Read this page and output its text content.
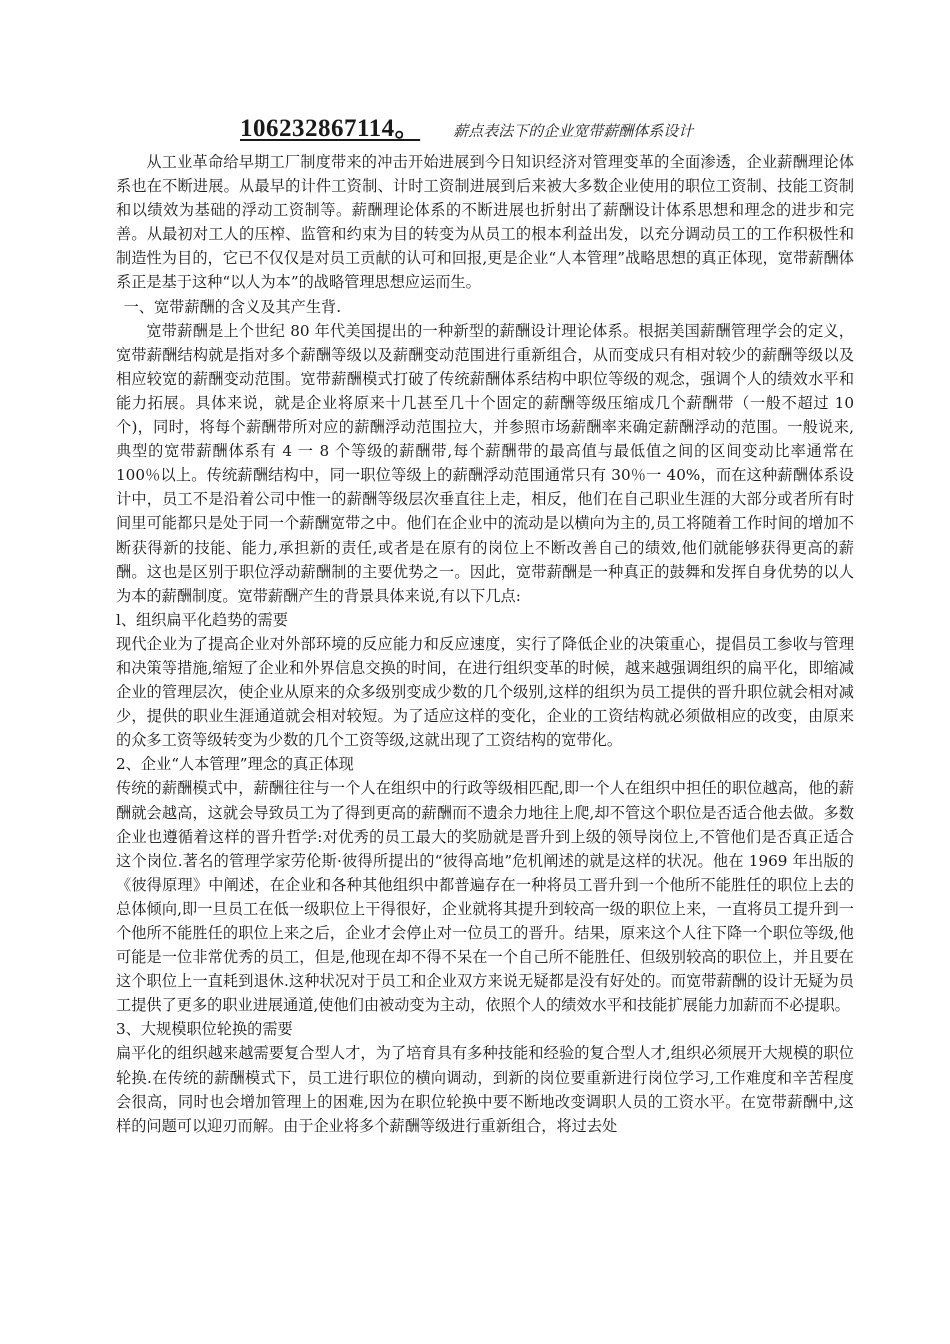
106232867114。 薪点表法下的企业宽带薪酬体系设计

从工业革命给早期工厂制度带来的冲击开始进展到今日知识经济对管理变革的全面渗透，企业薪酬理论体系也在不断进展。从最早的计件工资制、计时工资制进展到后来被大多数企业使用的职位工资制、技能工资制和以绩效为基础的浮动工资制等。薪酬理论体系的不断进展也折射出了薪酬设计体系思想和理念的进步和完善。从最初对工人的压榨、监管和约束为目的转变为从员工的根本利益出发，以充分调动员工的工作积极性和制造性为目的，它已不仅仅是对员工贡献的认可和回报,更是企业“人本管理”战略思想的真正体现，宽带薪酬体系正是基于这种“以人为本”的战略管理思想应运而生。

一、宽带薪酬的含义及其产生背.

宽带薪酬是上个世纪 80 年代美国提出的一种新型的薪酬设计理论体系。根据美国薪酬管理学会的定义，宽带薪酬结构就是指对多个薪酬等级以及薪酬变动范围进行重新组合，从而变成只有相对较少的薪酬等级以及相应较宽的薪酬变动范围。宽带薪酬模式打破了传统薪酬体系结构中职位等级的观念，强调个人的绩效水平和能力拓展。具体来说，就是企业将原来十几甚至几十个固定的薪酬等级压缩成几个薪酬带（一般不超过 10 个)，同时，将每个薪酬带所对应的薪酬浮动范围拉大，并参照市场薪酬率来确定薪酬浮动的范围。一般说来,典型的宽带薪酬体系有 4 一 8 个等级的薪酬带,每个薪酬带的最高值与最低值之间的区间变动比率通常在 100％以上。传统薪酬结构中，同一职位等级上的薪酬浮动范围通常只有 30％一 40%，而在这种薪酬体系设计中，员工不是沿着公司中惟一的薪酬等级层次垂直往上走，相反，他们在自己职业生涯的大部分或者所有时间里可能都只是处于同一个薪酬宽带之中。他们在企业中的流动是以横向为主的,员工将随着工作时间的增加不断获得新的技能、能力,承担新的责任,或者是在原有的岗位上不断改善自己的绩效,他们就能够获得更高的薪酬。这也是区别于职位浮动薪酬制的主要优势之一。因此，宽带薪酬是一种真正的鼓舞和发挥自身优势的以人为本的薪酬制度。宽带薪酬产生的背景具体来说,有以下几点:

l、组织扁平化趋势的需要

现代企业为了提高企业对外部环境的反应能力和反应速度，实行了降低企业的决策重心，提倡员工参收与管理和决策等措施,缩短了企业和外界信息交换的时间，在进行组织变革的时候，越来越强调组织的扁平化，即缩减企业的管理层次，使企业从原来的众多级别变成少数的几个级别,这样的组织为员工提供的晋升职位就会相对减少，提供的职业生涯通道就会相对较短。为了适应这样的变化，企业的工资结构就必须做相应的改变，由原来的众多工资等级转变为少数的几个工资等级,这就出现了工资结构的宽带化。

2、企业“人本管理”理念的真正体现

传统的薪酬模式中，薪酬往往与一个人在组织中的行政等级相匹配,即一个人在组织中担任的职位越高，他的薪酬就会越高，这就会导致员工为了得到更高的薪酬而不遗余力地往上爬,却不管这个职位是否适合他去做。多数企业也遵循着这样的晋升哲学:对优秀的员工最大的奖励就是晋升到上级的领导岗位上,不管他们是否真正适合这个岗位.著名的管理学家劳伦斯·彼得所提出的“彼得高地”危机阐述的就是这样的状况。他在 1969 年出版的《彼得原理》中阐述，在企业和各种其他组织中都普遍存在一种将员工晋升到一个他所不能胜任的职位上去的总体倾向,即一旦员工在低一级职位上干得很好，企业就将其提升到较高一级的职位上来，一直将员工提升到一个他所不能胜任的职位上来之后，企业才会停止对一位员工的晋升。结果，原来这个人往下降一个职位等级,他可能是一位非常优秀的员工，但是,他现在却不得不呆在一个自己所不能胜任、但级别较高的职位上，并且要在这个职位上一直耗到退休.这种状况对于员工和企业双方来说无疑都是没有好处的。而宽带薪酬的设计无疑为员工提供了更多的职业进展通道,使他们由被动变为主动，依照个人的绩效水平和技能扩展能力加薪而不必提职。

3、大规模职位轮换的需要

扁平化的组织越来越需要复合型人才，为了培育具有多种技能和经验的复合型人才,组织必须展开大规模的职位轮换.在传统的薪酬模式下，员工进行职位的横向调动，到新的岗位要重新进行岗位学习,工作难度和辛苦程度会很高，同时也会增加管理上的困难,因为在职位轮换中要不断地改变调职人员的工资水平。在宽带薪酬中,这样的问题可以迎刃而解。由于企业将多个薪酬等级进行重新组合，将过去处
